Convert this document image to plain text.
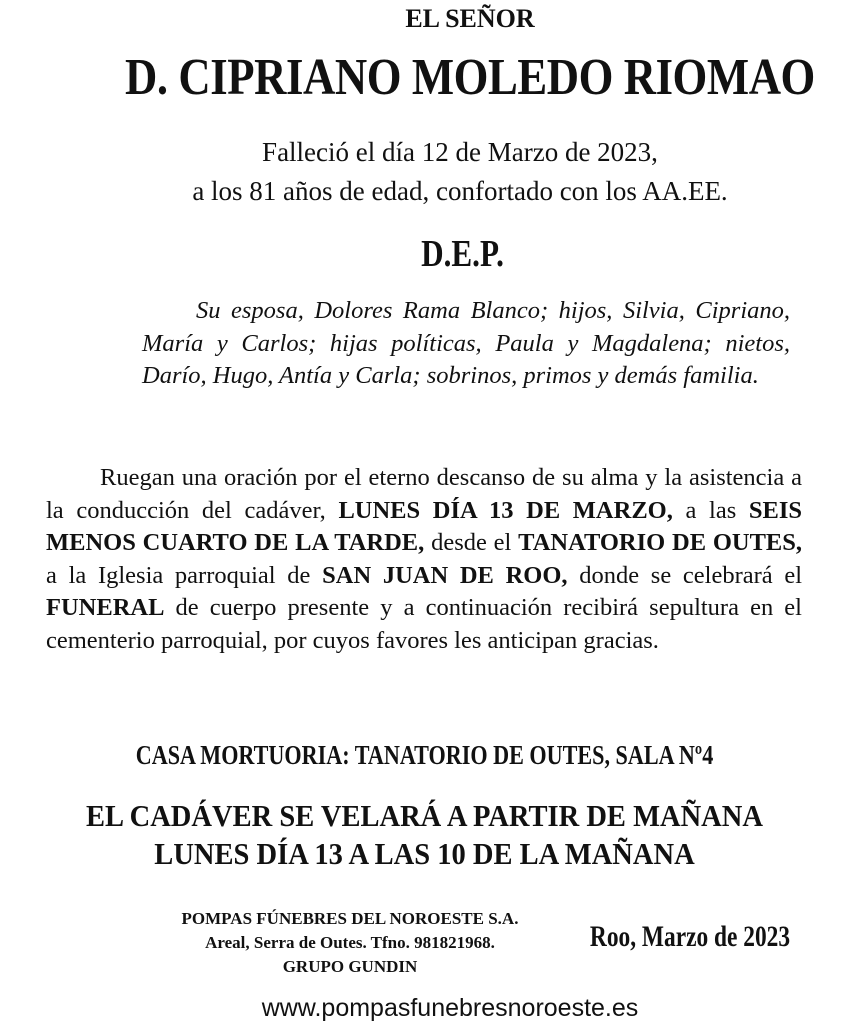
EL SEÑOR
D. CIPRIANO MOLEDO RIOMAO
Falleció el día 12 de Marzo de 2023,
a los 81 años de edad, confortado con los AA.EE.
D.E.P.
Su esposa, Dolores Rama Blanco; hijos, Silvia, Cipriano, María y Carlos; hijas políticas, Paula y Magdalena; nietos, Darío, Hugo, Antía y Carla; sobrinos, primos y demás familia.
Ruegan una oración por el eterno descanso de su alma y la asistencia a la conducción del cadáver, LUNES DÍA 13 DE MARZO, a las SEIS MENOS CUARTO DE LA TARDE, desde el TANATORIO DE OUTES, a la Iglesia parroquial de SAN JUAN DE ROO, donde se celebrará el FUNERAL de cuerpo presente y a continuación recibirá sepultura en el cementerio parroquial, por cuyos favores les anticipan gracias.
CASA MORTUORIA: TANATORIO DE OUTES, SALA Nº4
EL CADÁVER SE VELARÁ A PARTIR DE MAÑANA
LUNES DÍA 13 A LAS 10 DE LA MAÑANA
POMPAS FÚNEBRES DEL NOROESTE S.A.
Areal, Serra de Outes. Tfno. 981821968.
GRUPO GUNDIN
Roo, Marzo de 2023
www.pompasfunebresnoroeste.es
